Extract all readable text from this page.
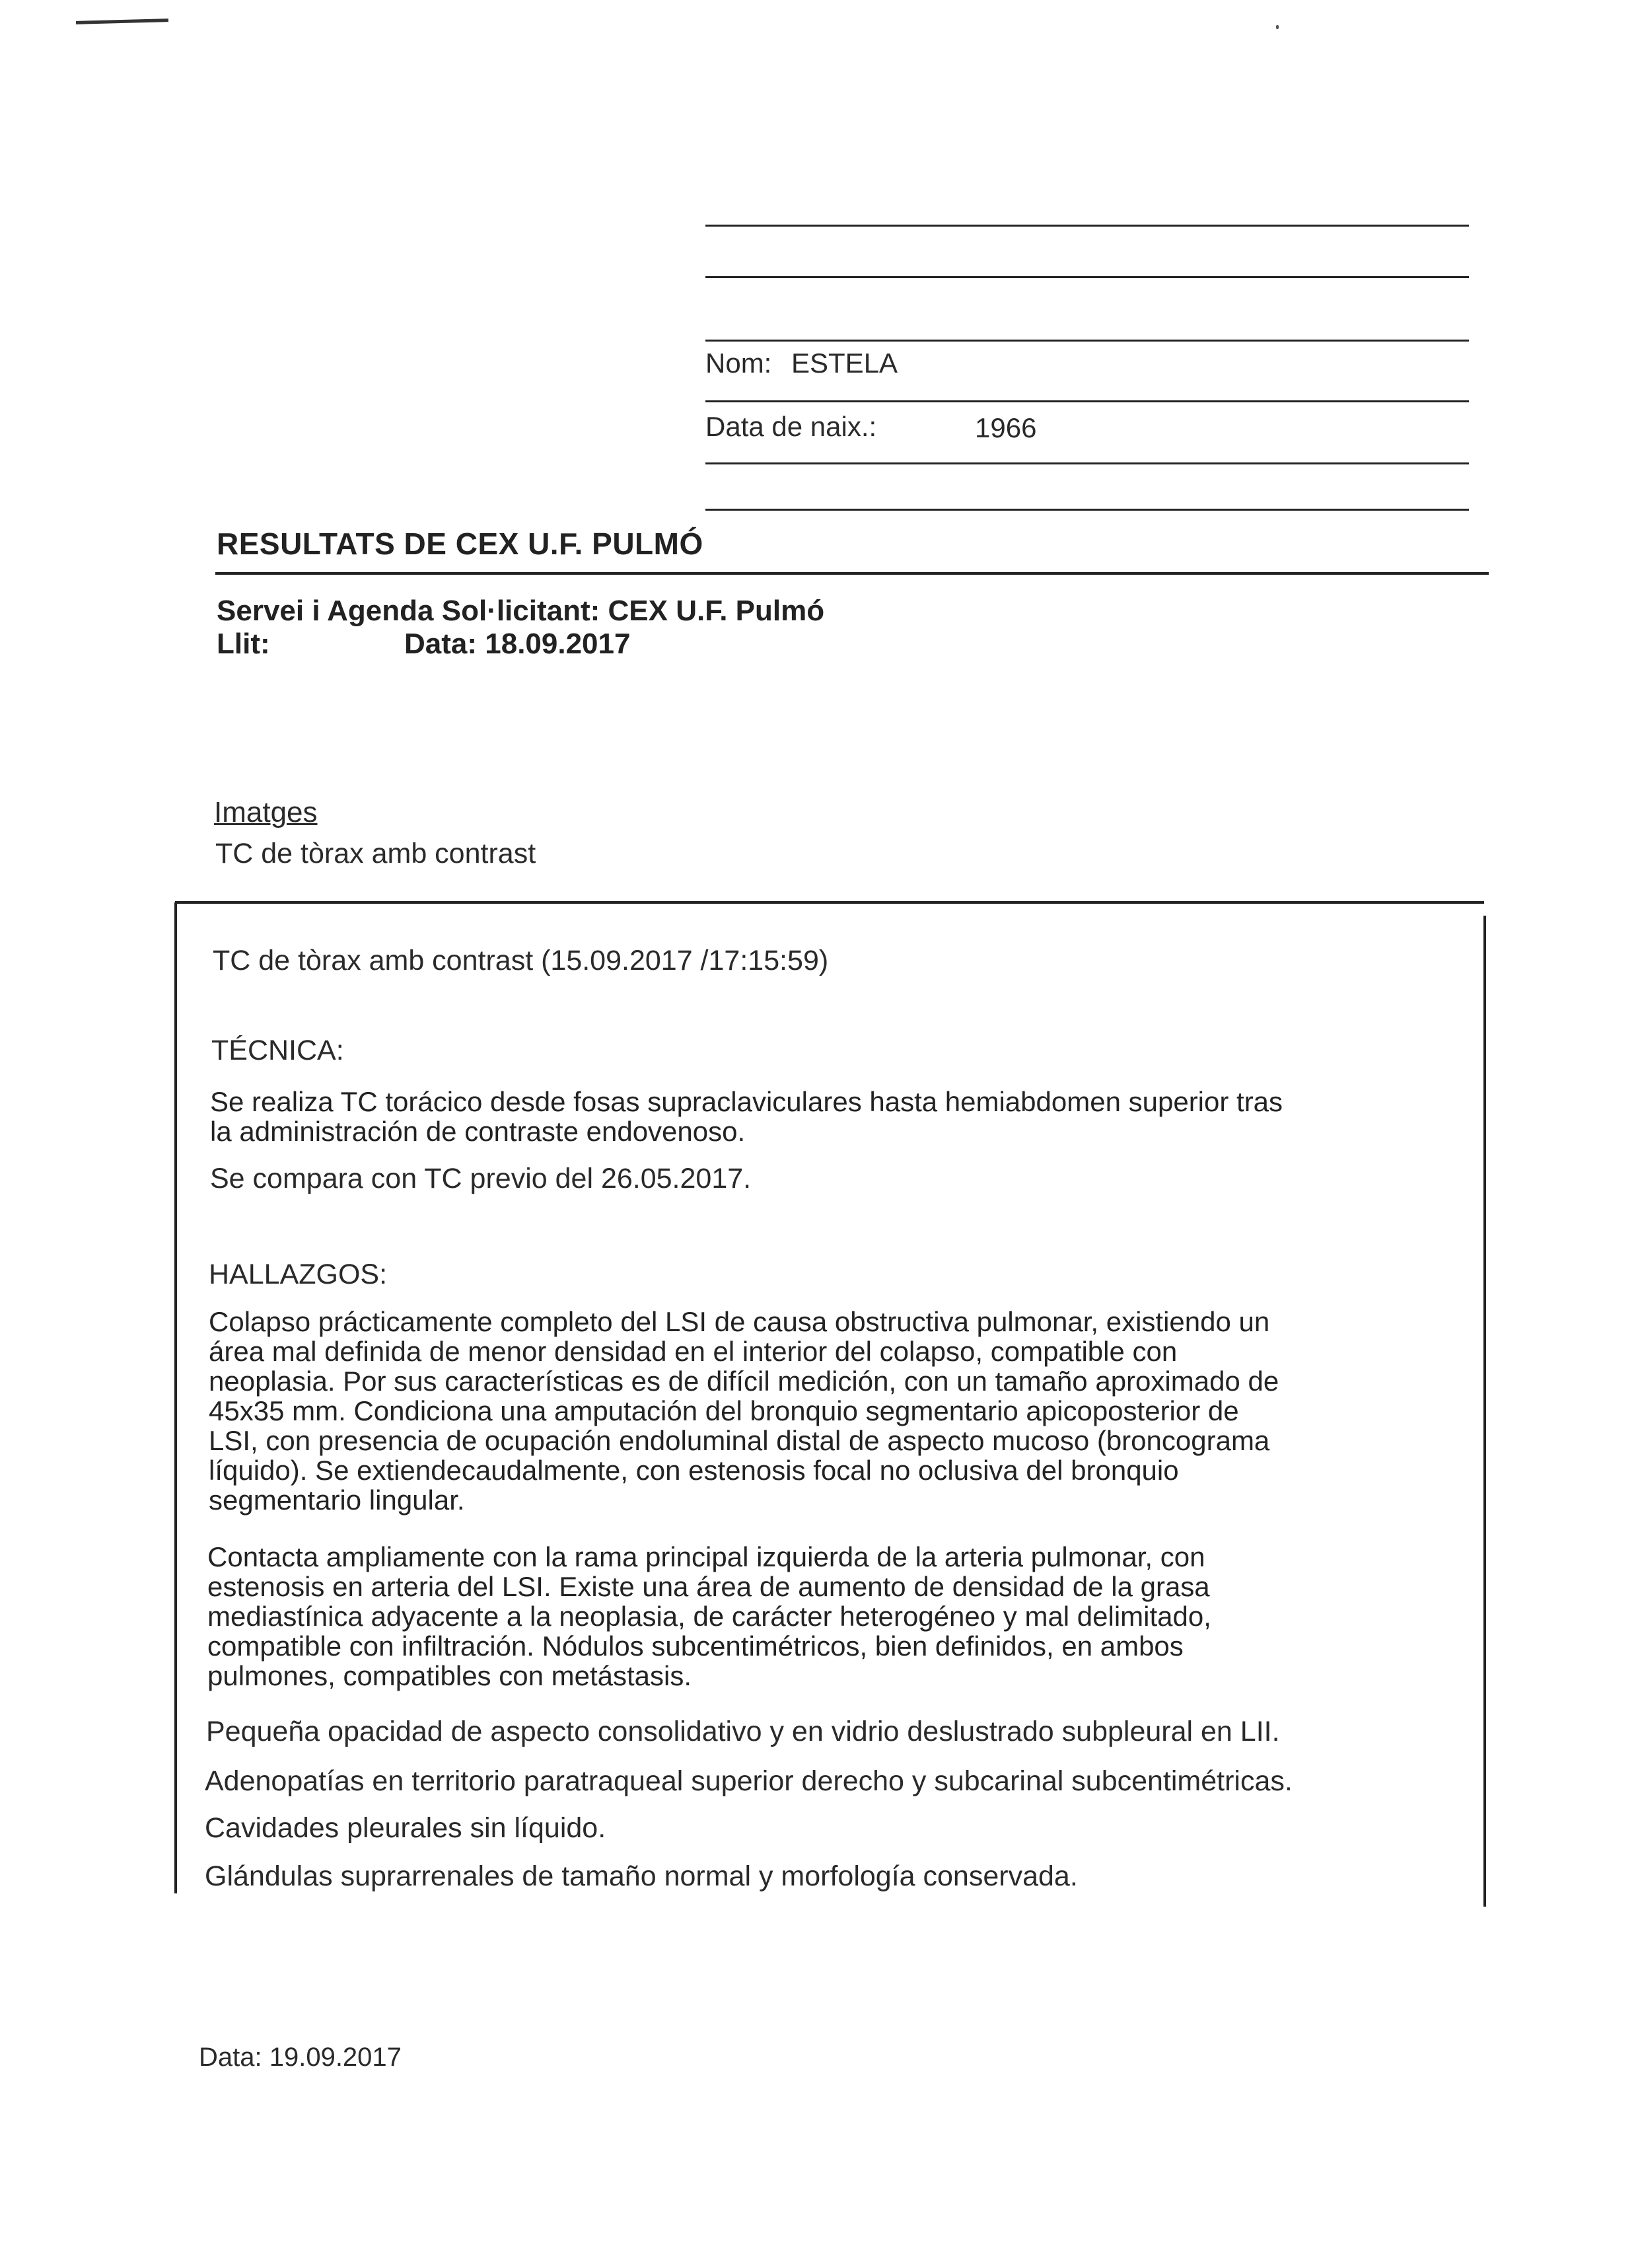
Nom: ESTELA
Data de naix.:	1966
RESULTATS DE CEX U.F. PULMÓ
Servei i Agenda Sol·licitant: CEX U.F. Pulmó
Llit:	Data: 18.09.2017
Imatges
TC de tòrax amb contrast
TC de tòrax amb contrast (15.09.2017 /17:15:59)
TÉCNICA:
Se realiza TC torácico desde fosas supraclaviculares hasta hemiabdomen superior tras
la administración de contraste endovenoso.
Se compara con TC previo del 26.05.2017.
HALLAZGOS:
Colapso prácticamente completo del LSI de causa obstructiva pulmonar, existiendo un
área mal definida de menor densidad en el interior del colapso, compatible con
neoplasia. Por sus características es de difícil medición, con un tamaño aproximado de
45x35 mm. Condiciona una amputación del bronquio segmentario apicoposterior de
LSI, con presencia de ocupación endoluminal distal de aspecto mucoso (broncograma
líquido). Se extiendecaudalmente, con estenosis focal no oclusiva del bronquio
segmentario lingular.
Contacta ampliamente con la rama principal izquierda de la arteria pulmonar, con
estenosis en arteria del LSI. Existe una área de aumento de densidad de la grasa
mediastínica adyacente a la neoplasia, de carácter heterogéneo y mal delimitado,
compatible con infiltración. Nódulos subcentimétricos, bien definidos, en ambos
pulmones, compatibles con metástasis.
Pequeña opacidad de aspecto consolidativo y en vidrio deslustrado subpleural en LII.
Adenopatías en territorio paratraqueal superior derecho y subcarinal subcentimétricas.
Cavidades pleurales sin líquido.
Glándulas suprarrenales de tamaño normal y morfología conservada.
Data: 19.09.2017
